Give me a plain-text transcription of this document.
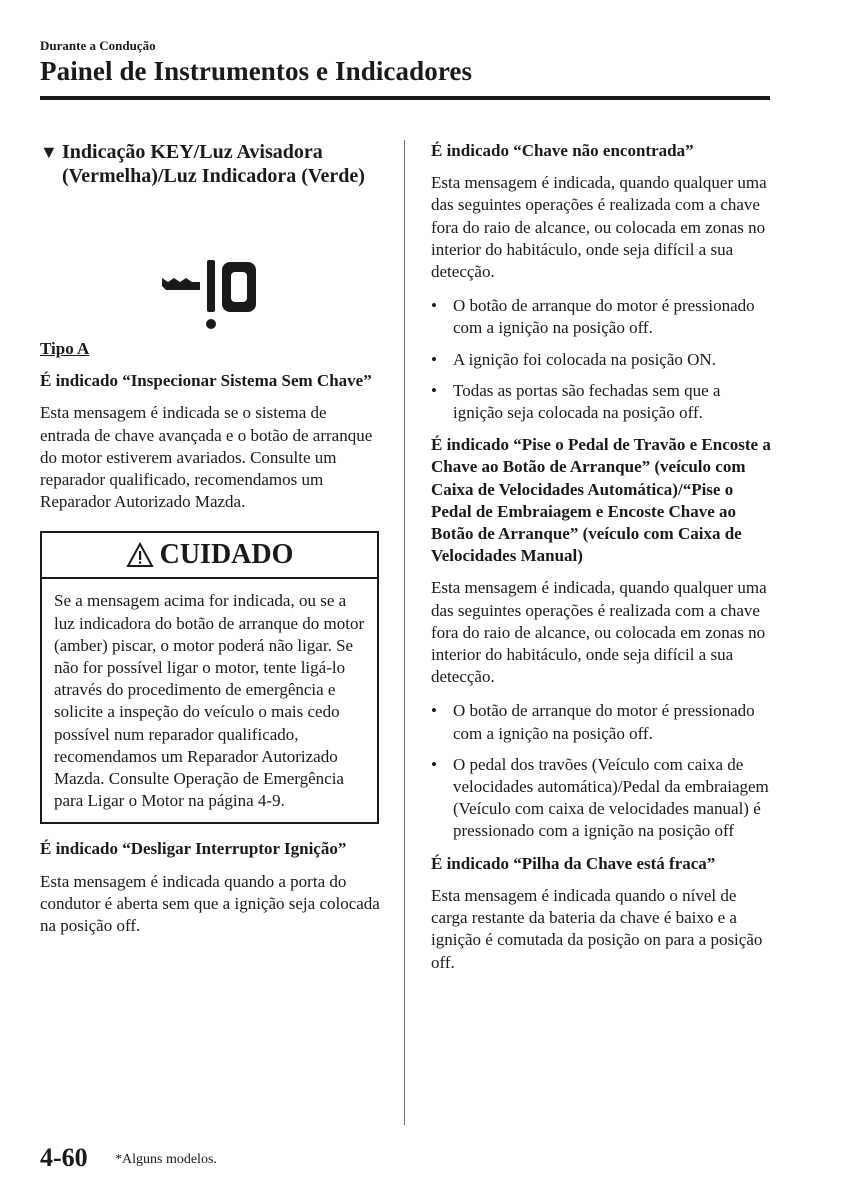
Durante a Condução
Painel de Instrumentos e Indicadores
▼ Indicação KEY/Luz Avisadora (Vermelha)/Luz Indicadora (Verde)
Tipo A
É indicado “Inspecionar Sistema Sem Chave”
Esta mensagem é indicada se o sistema de entrada de chave avançada e o botão de arranque do motor estiverem avariados. Consulte um reparador qualificado, recomendamos um Reparador Autorizado Mazda.
CUIDADO
Se a mensagem acima for indicada, ou se a luz indicadora do botão de arranque do motor (amber) piscar, o motor poderá não ligar. Se não for possível ligar o motor, tente ligá-lo através do procedimento de emergência e solicite a inspeção do veículo o mais cedo possível num reparador qualificado, recomendamos um Reparador Autorizado Mazda. Consulte Operação de Emergência para Ligar o Motor na página 4-9.
É indicado “Desligar Interruptor Ignição”
Esta mensagem é indicada quando a porta do condutor é aberta sem que a ignição seja colocada na posição off.
É indicado “Chave não encontrada”
Esta mensagem é indicada, quando qualquer uma das seguintes operações é realizada com a chave fora do raio de alcance, ou colocada em zonas no interior do habitáculo, onde seja difícil a sua detecção.
• O botão de arranque do motor é pressionado com a ignição na posição off.
• A ignição foi colocada na posição ON.
• Todas as portas são fechadas sem que a ignição seja colocada na posição off.
É indicado “Pise o Pedal de Travão e Encoste a Chave ao Botão de Arranque” (veículo com Caixa de Velocidades Automática)/“Pise o Pedal de Embraiagem e Encoste Chave ao Botão de Arranque” (veículo com Caixa de Velocidades Manual)
Esta mensagem é indicada, quando qualquer uma das seguintes operações é realizada com a chave fora do raio de alcance, ou colocada em zonas no interior do habitáculo, onde seja difícil a sua detecção.
• O botão de arranque do motor é pressionado com a ignição na posição off.
• O pedal dos travões (Veículo com caixa de velocidades automática)/Pedal da embraiagem (Veículo com caixa de velocidades manual) é pressionado com a ignição na posição off
É indicado “Pilha da Chave está fraca”
Esta mensagem é indicada quando o nível de carga restante da bateria da chave é baixo e a ignição é comutada da posição on para a posição off.
4-60 *Alguns modelos.
